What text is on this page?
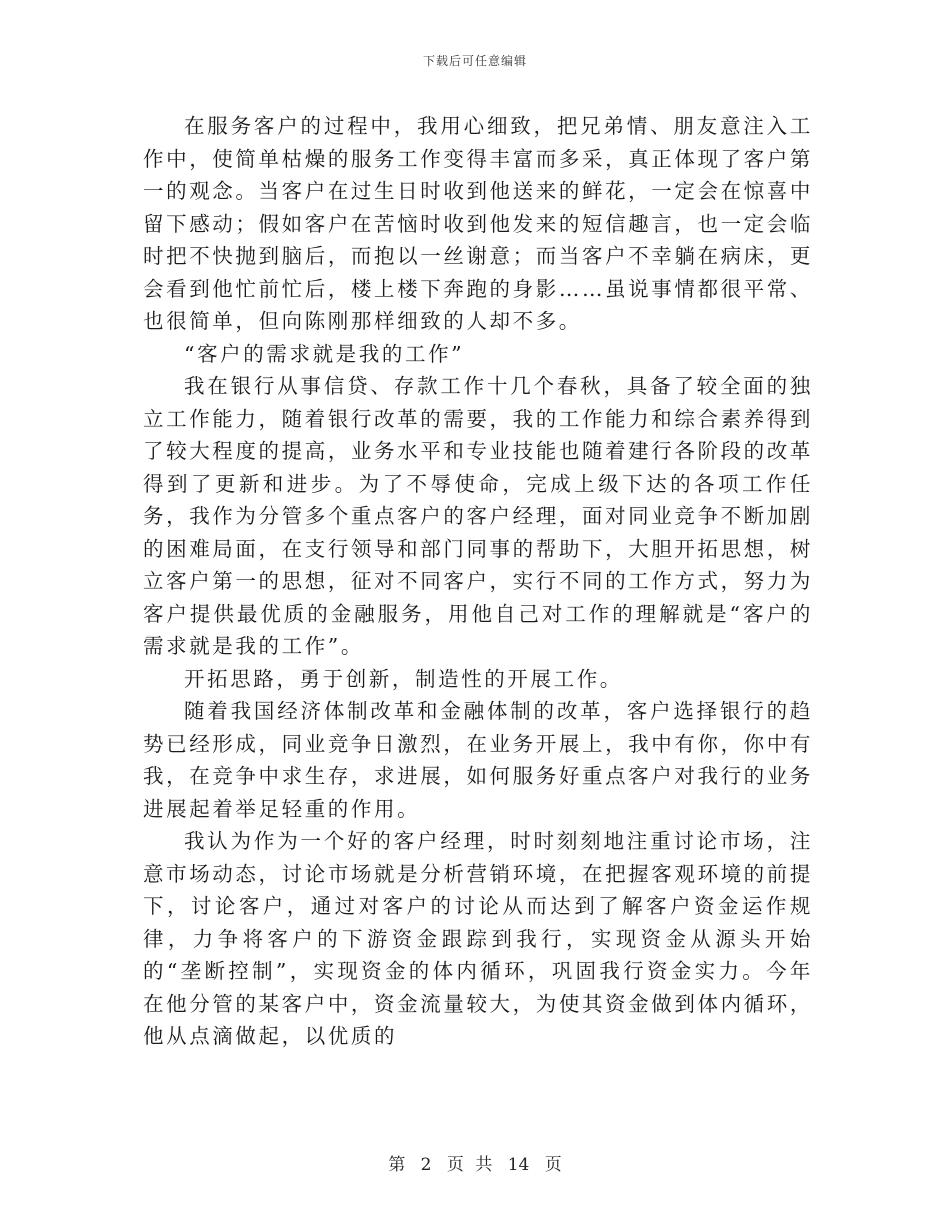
下载后可任意编辑

在服务客户的过程中，我用心细致，把兄弟情、朋友意注入工作中，使简单枯燥的服务工作变得丰富而多采，真正体现了客户第一的观念。当客户在过生日时收到他送来的鲜花，一定会在惊喜中留下感动；假如客户在苦恼时收到他发来的短信趣言，也一定会临时把不快抛到脑后，而抱以一丝谢意；而当客户不幸躺在病床，更会看到他忙前忙后，楼上楼下奔跑的身影……虽说事情都很平常、也很简单，但向陈刚那样细致的人却不多。

“客户的需求就是我的工作”

我在银行从事信贷、存款工作十几个春秋，具备了较全面的独立工作能力，随着银行改革的需要，我的工作能力和综合素养得到了较大程度的提高，业务水平和专业技能也随着建行各阶段的改革得到了更新和进步。为了不辱使命，完成上级下达的各项工作任务，我作为分管多个重点客户的客户经理，面对同业竞争不断加剧的困难局面，在支行领导和部门同事的帮助下，大胆开拓思想，树立客户第一的思想，征对不同客户，实行不同的工作方式，努力为客户提供最优质的金融服务，用他自己对工作的理解就是“客户的需求就是我的工作”。

开拓思路，勇于创新，制造性的开展工作。

随着我国经济体制改革和金融体制的改革，客户选择银行的趋势已经形成，同业竞争日激烈，在业务开展上，我中有你，你中有我，在竞争中求生存，求进展，如何服务好重点客户对我行的业务进展起着举足轻重的作用。

我认为作为一个好的客户经理，时时刻刻地注重讨论市场，注意市场动态，讨论市场就是分析营销环境，在把握客观环境的前提下，讨论客户，通过对客户的讨论从而达到了解客户资金运作规律，力争将客户的下游资金跟踪到我行，实现资金从源头开始的“垄断控制”，实现资金的体内循环，巩固我行资金实力。今年在他分管的某客户中，资金流量较大，为使其资金做到体内循环，他从点滴做起，以优质的

第 2 页 共 14 页
